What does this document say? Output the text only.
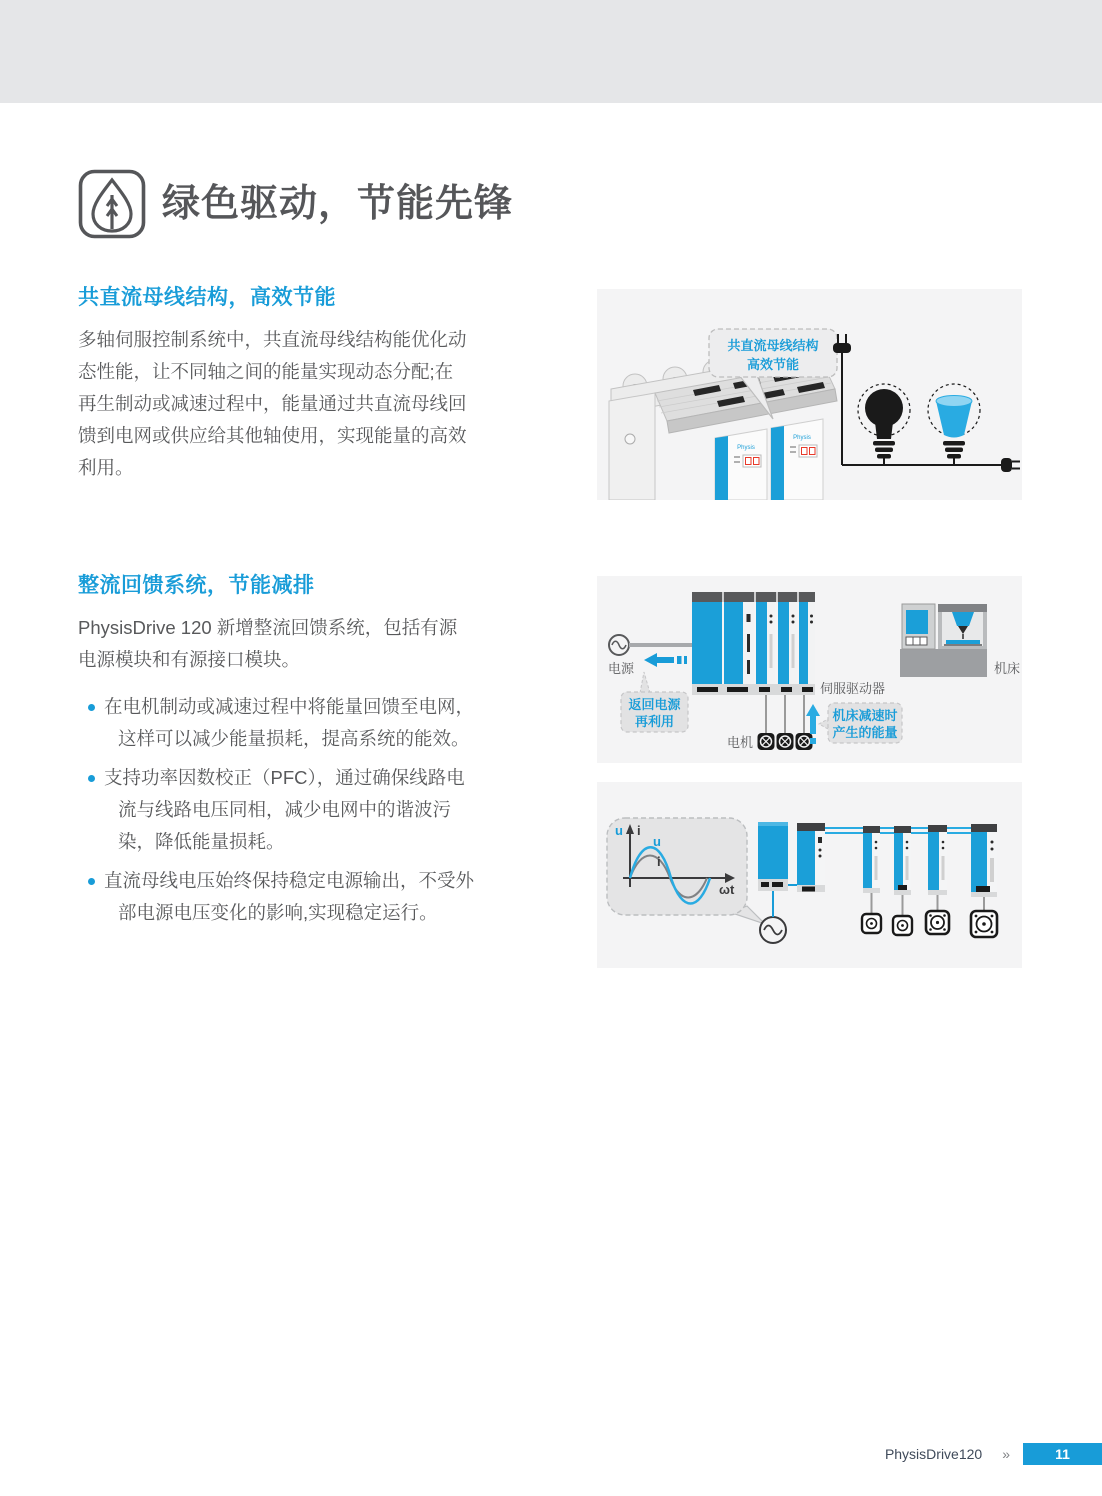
绿色驱动，节能先锋
共直流母线结构，高效节能

多轴伺服控制系统中，共直流母线结构能优化动态性能，让不同轴之间的能量实现动态分配;在再生制动或减速过程中，能量通过共直流母线回馈到电网或供应给其他轴使用，实现能量的高效利用。

整流回馈系统，节能减排

PhysisDrive 120 新增整流回馈系统，包括有源电源模块和有源接口模块。

在电机制动或减速过程中将能量回馈至电网，这样可以减少能量损耗，提高系统的能效。
支持功率因数校正（PFC），通过确保线路电流与线路电压同相，减少电网中的谐波污染，降低能量损耗。
直流母线电压始终保持稳定电源输出，不受外部电源电压变化的影响,实现稳定运行。
Physis
Physis
共直流母线结构
高效节能
电源
返回电源
再利用
伺服驱动器
电机
机床减速时
产生的能量
机床
u i
u
i
ωt
PhysisDrive120 »	11
